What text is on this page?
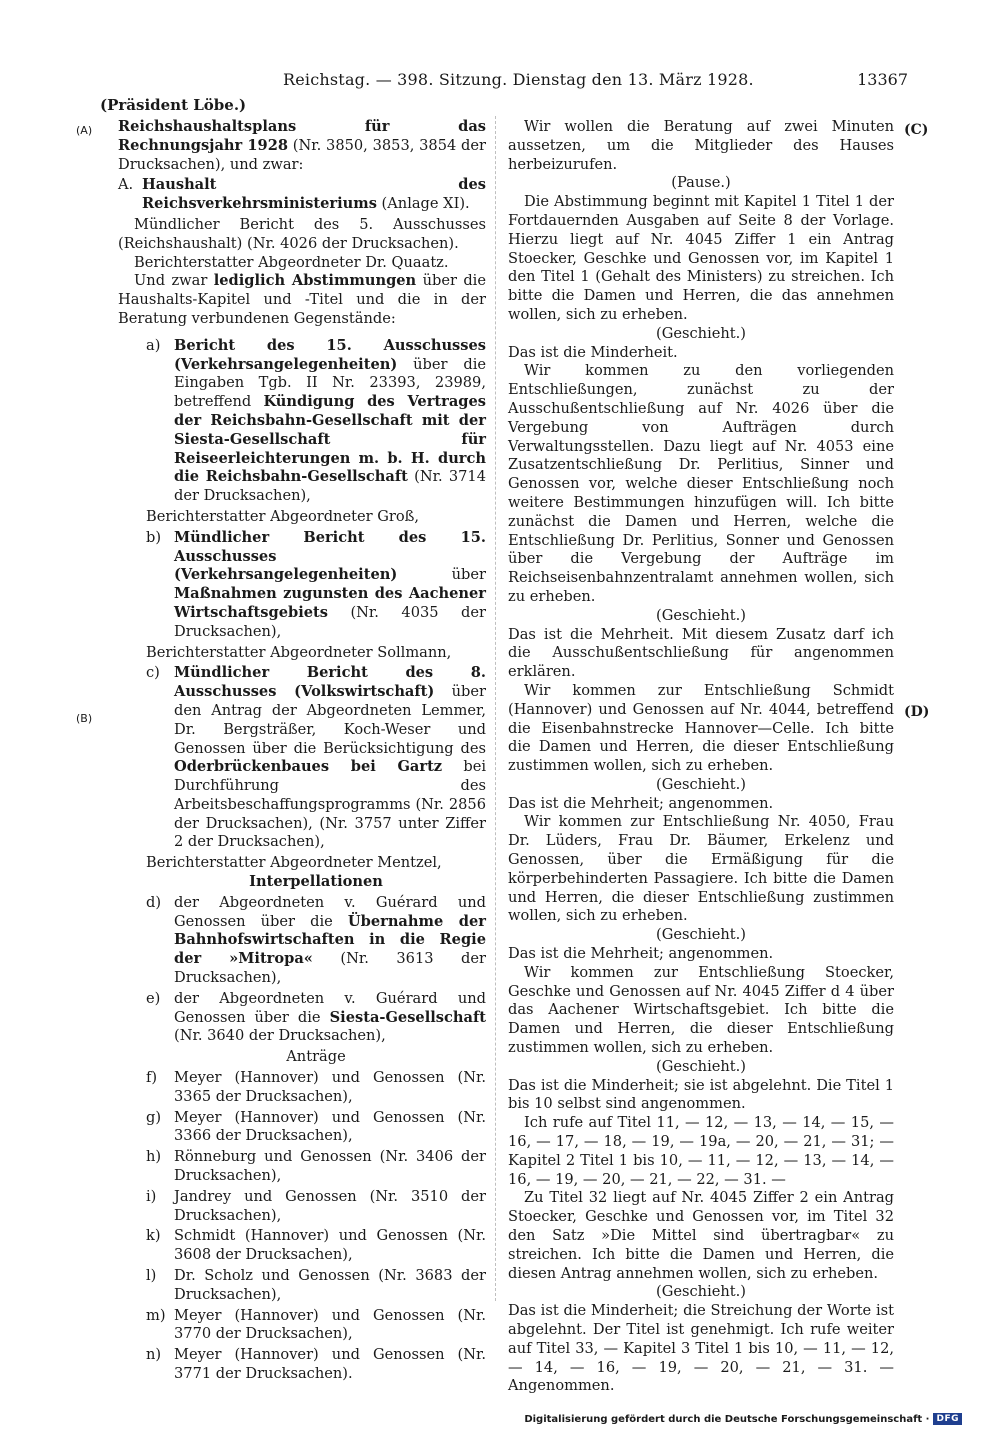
Reichstag. — 398. Sitzung. Dienstag den 13. März 1928.	13367
(Präsident Löbe.)
(A)
(B)
(C)
(D)

Reichshaushaltsplans für das Rechnungsjahr 1928 (Nr. 3850, 3853, 3854 der Drucksachen), und zwar:

A. Haushalt des Reichsverkehrsministeriums (Anlage XI).

Mündlicher Bericht des 5. Ausschusses (Reichshaushalt) (Nr. 4026 der Drucksachen).

Berichterstatter Abgeordneter Dr. Quaatz.

Und zwar lediglich Abstimmungen über die Haushalts-Kapitel und -Titel und die in der Beratung verbundenen Gegenstände:

a) Bericht des 15. Ausschusses (Verkehrsangelegenheiten) über die Eingaben Tgb. II Nr. 23393, 23989, betreffend Kündigung des Vertrages der Reichsbahn-Gesellschaft mit der Siesta-Gesellschaft für Reiseerleichterungen m. b. H. durch die Reichsbahn-Gesellschaft (Nr. 3714 der Drucksachen),

Berichterstatter Abgeordneter Groß,

b) Mündlicher Bericht des 15. Ausschusses (Verkehrsangelegenheiten) über Maßnahmen zugunsten des Aachener Wirtschaftsgebiets (Nr. 4035 der Drucksachen),

Berichterstatter Abgeordneter Sollmann,

c) Mündlicher Bericht des 8. Ausschusses (Volkswirtschaft) über den Antrag der Abgeordneten Lemmer, Dr. Bergsträßer, Koch-Weser und Genossen über die Berücksichtigung des Oderbrückenbaues bei Gartz bei Durchführung des Arbeitsbeschaffungsprogramms (Nr. 2856 der Drucksachen), (Nr. 3757 unter Ziffer 2 der Drucksachen),

Berichterstatter Abgeordneter Mentzel,

Interpellationen

d) der Abgeordneten v. Guérard und Genossen über die Übernahme der Bahnhofswirtschaften in die Regie der »Mitropa« (Nr. 3613 der Drucksachen),
e) der Abgeordneten v. Guérard und Genossen über die Siesta-Gesellschaft (Nr. 3640 der Drucksachen),

Anträge

f)	Meyer (Hannover) und Genossen (Nr. 3365 der Drucksachen),
g) Meyer (Hannover) und Genossen (Nr. 3366 der Drucksachen),
h) Rönneburg und Genossen (Nr. 3406 der Drucksachen),
i)	Jandrey und Genossen (Nr. 3510 der Drucksachen),
k) Schmidt (Hannover) und Genossen (Nr. 3608 der Drucksachen),
l)	Dr. Scholz und Genossen (Nr. 3683 der Drucksachen),
m) Meyer (Hannover) und Genossen (Nr. 3770 der Drucksachen),
n) Meyer (Hannover) und Genossen (Nr. 3771 der Drucksachen).

Wir wollen die Beratung auf zwei Minuten aussetzen, um die Mitglieder des Hauses herbeizurufen.

(Pause.)

Die Abstimmung beginnt mit Kapitel 1 Titel 1 der Fortdauernden Ausgaben auf Seite 8 der Vorlage. Hierzu liegt auf Nr. 4045 Ziffer 1 ein Antrag Stoecker, Geschke und Genossen vor, im Kapitel 1 den Titel 1 (Gehalt des Ministers) zu streichen. Ich bitte die Damen und Herren, die das annehmen wollen, sich zu erheben.

(Geschieht.)

Das ist die Minderheit.

Wir kommen zu den vorliegenden Entschließungen, zunächst zu der Ausschußentschließung auf Nr. 4026 über die Vergebung von Aufträgen durch Verwaltungsstellen. Dazu liegt auf Nr. 4053 eine Zusatzentschließung Dr. Perlitius, Sinner und Genossen vor, welche dieser Entschließung noch weitere Bestimmungen hinzufügen will. Ich bitte zunächst die Damen und Herren, welche die Entschließung Dr. Perlitius, Sonner und Genossen über die Vergebung der Aufträge im Reichseisenbahnzentralamt annehmen wollen, sich zu erheben.

(Geschieht.)

Das ist die Mehrheit. Mit diesem Zusatz darf ich die Ausschußentschließung für angenommen erklären.

Wir kommen zur Entschließung Schmidt (Hannover) und Genossen auf Nr. 4044, betreffend die Eisenbahnstrecke Hannover—Celle. Ich bitte die Damen und Herren, die dieser Entschließung zustimmen wollen, sich zu erheben.

(Geschieht.)

Das ist die Mehrheit; angenommen.

Wir kommen zur Entschließung Nr. 4050, Frau Dr. Lüders, Frau Dr. Bäumer, Erkelenz und Genossen, über die Ermäßigung für die körperbehinderten Passagiere. Ich bitte die Damen und Herren, die dieser Entschließung zustimmen wollen, sich zu erheben.

(Geschieht.)

Das ist die Mehrheit; angenommen.

Wir kommen zur Entschließung Stoecker, Geschke und Genossen auf Nr. 4045 Ziffer d 4 über das Aachener Wirtschaftsgebiet. Ich bitte die Damen und Herren, die dieser Entschließung zustimmen wollen, sich zu erheben.

(Geschieht.)

Das ist die Minderheit; sie ist abgelehnt. Die Titel 1 bis 10 selbst sind angenommen.

Ich rufe auf Titel 11, — 12, — 13, — 14, — 15, — 16, — 17, — 18, — 19, — 19a, — 20, — 21, — 31; — Kapitel 2 Titel 1 bis 10, — 11, — 12, — 13, — 14, — 16, — 19, — 20, — 21, — 22, — 31. —

Zu Titel 32 liegt auf Nr. 4045 Ziffer 2 ein Antrag Stoecker, Geschke und Genossen vor, im Titel 32 den Satz »Die Mittel sind übertragbar« zu streichen. Ich bitte die Damen und Herren, die diesen Antrag annehmen wollen, sich zu erheben.

(Geschieht.)

Das ist die Minderheit; die Streichung der Worte ist abgelehnt. Der Titel ist genehmigt. Ich rufe weiter auf Titel 33, — Kapitel 3 Titel 1 bis 10, — 11, — 12, — 14, — 16, — 19, — 20, — 21, — 31. — Angenommen.

Digitalisierung gefördert durch die Deutsche Forschungsgemeinschaft · DFG
